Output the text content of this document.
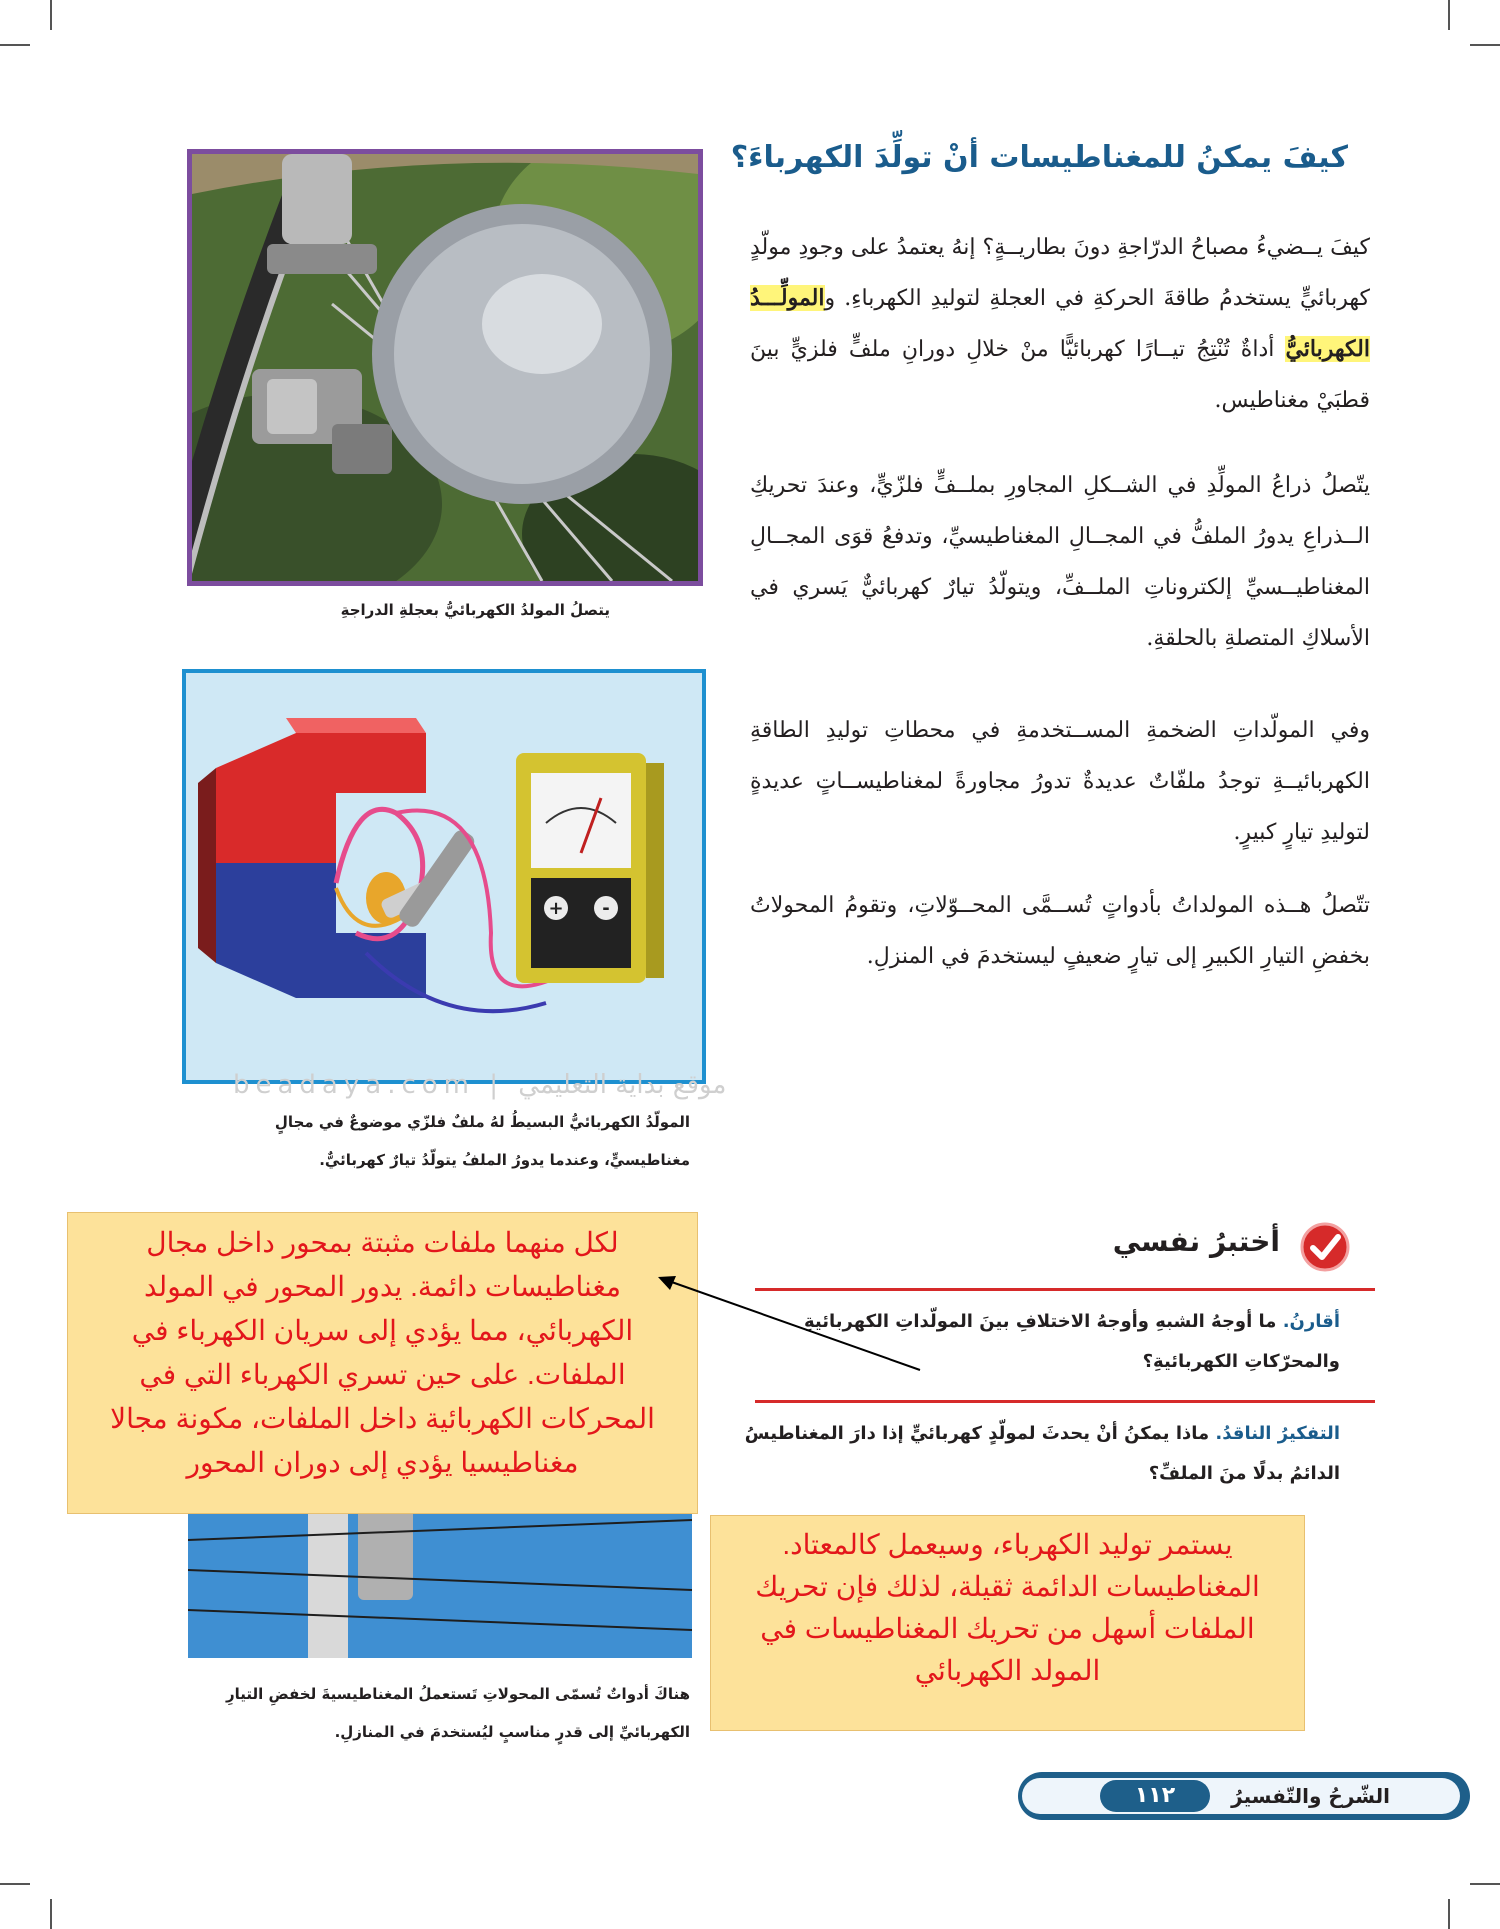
كيفَ يمكنُ للمغناطيسات أنْ تولِّدَ الكهرباءَ؟
كيفَ يــضيءُ مصباحُ الدرّاجةِ دونَ بطاريــةٍ؟ إنهُ يعتمدُ على وجودِ مولّدٍ كهربائيٍّ يستخدمُ طاقةَ الحركةِ في العجلةِ لتوليدِ الكهرباءِ. والمولِّـــدُ الكهربائيُّ أداةٌ تُنْتِجُ تيــارًا كهربائيًّا منْ خلالِ دورانِ ملفٍّ فلزيٍّ بينَ قطبَيْ مغناطيس.
يتّصلُ ذراعُ المولِّدِ في الشــكلِ المجاورِ بملــفٍّ فلزّيٍّ، وعندَ تحريكِ الــذراعِ يدورُ الملفُّ في المجــالِ المغناطيسيِّ، وتدفعُ قوَى المجــالِ المغناطيــسيِّ إلكتروناتِ الملــفِّ، ويتولّدُ تيارٌ كهربائيٌّ يَسري في الأسلاكِ المتصلةِ بالحلقةِ.
وفي المولّداتِ الضخمةِ المســتخدمةِ في محطاتِ توليدِ الطاقةِ الكهربائيــةِ توجدُ ملفّاتٌ عديدةٌ تدورُ مجاورةً لمغناطيســاتٍ عديدةٍ لتوليدِ تيارٍ كبيرٍ.
تتّصلُ هــذه المولداتُ بأدواتٍ تُســمَّى المحــوّلاتِ، وتقومُ المحولاتُ بخفضِ التيارِ الكبيرِ إلى تيارٍ ضعيفٍ ليستخدمَ في المنزلِ.
يتصلُ المولدُ الكهربائيُّ بعجلةِ الدراجةِ
+ -
beadaya.com | موقع بداية التعليمي
المولّدُ الكهربائيُّ البسيطُ لهُ ملفٌ فلزّي موضوعٌ في مجالٍ
مغناطيسيٍّ، وعندما يدورُ الملفُ يتولّدُ تيارٌ كهربائيٌّ.
هناكَ أدواتٌ تُسمّى المحولاتِ تَستعملُ المغناطيسيةَ لخفضِ التيارِ
الكهربائيِّ إلى قدرٍ مناسبٍ ليُستخدمَ في المنازلِ.
أختبرُ نفسي
أقارنُ. ما أوجهُ الشبهِ وأوجهُ الاختلافِ بينَ المولّداتِ الكهربائيةِ والمحرّكاتِ الكهربائيةِ؟
التفكيرُ الناقدُ. ماذا يمكنُ أنْ يحدثَ لمولّدٍ كهربائيٍّ إذا دارَ المغناطيسُ الدائمُ بدلًا منَ الملفِّ؟
لكل منهما ملفات مثبتة بمحور داخل مجال مغناطيسات دائمة. يدور المحور في المولد الكهربائي، مما يؤدي إلى سريان الكهرباء في الملفات. على حين تسري الكهرباء التي في المحركات الكهربائية داخل الملفات، مكونة مجالا مغناطيسيا يؤدي إلى دوران المحور
يستمر توليد الكهرباء، وسيعمل كالمعتاد. المغناطيسات الدائمة ثقيلة، لذلك فإن تحريك الملفات أسهل من تحريك المغناطيسات في المولد الكهربائي
الشّرحُ والتّفسيرُ
١١٢
